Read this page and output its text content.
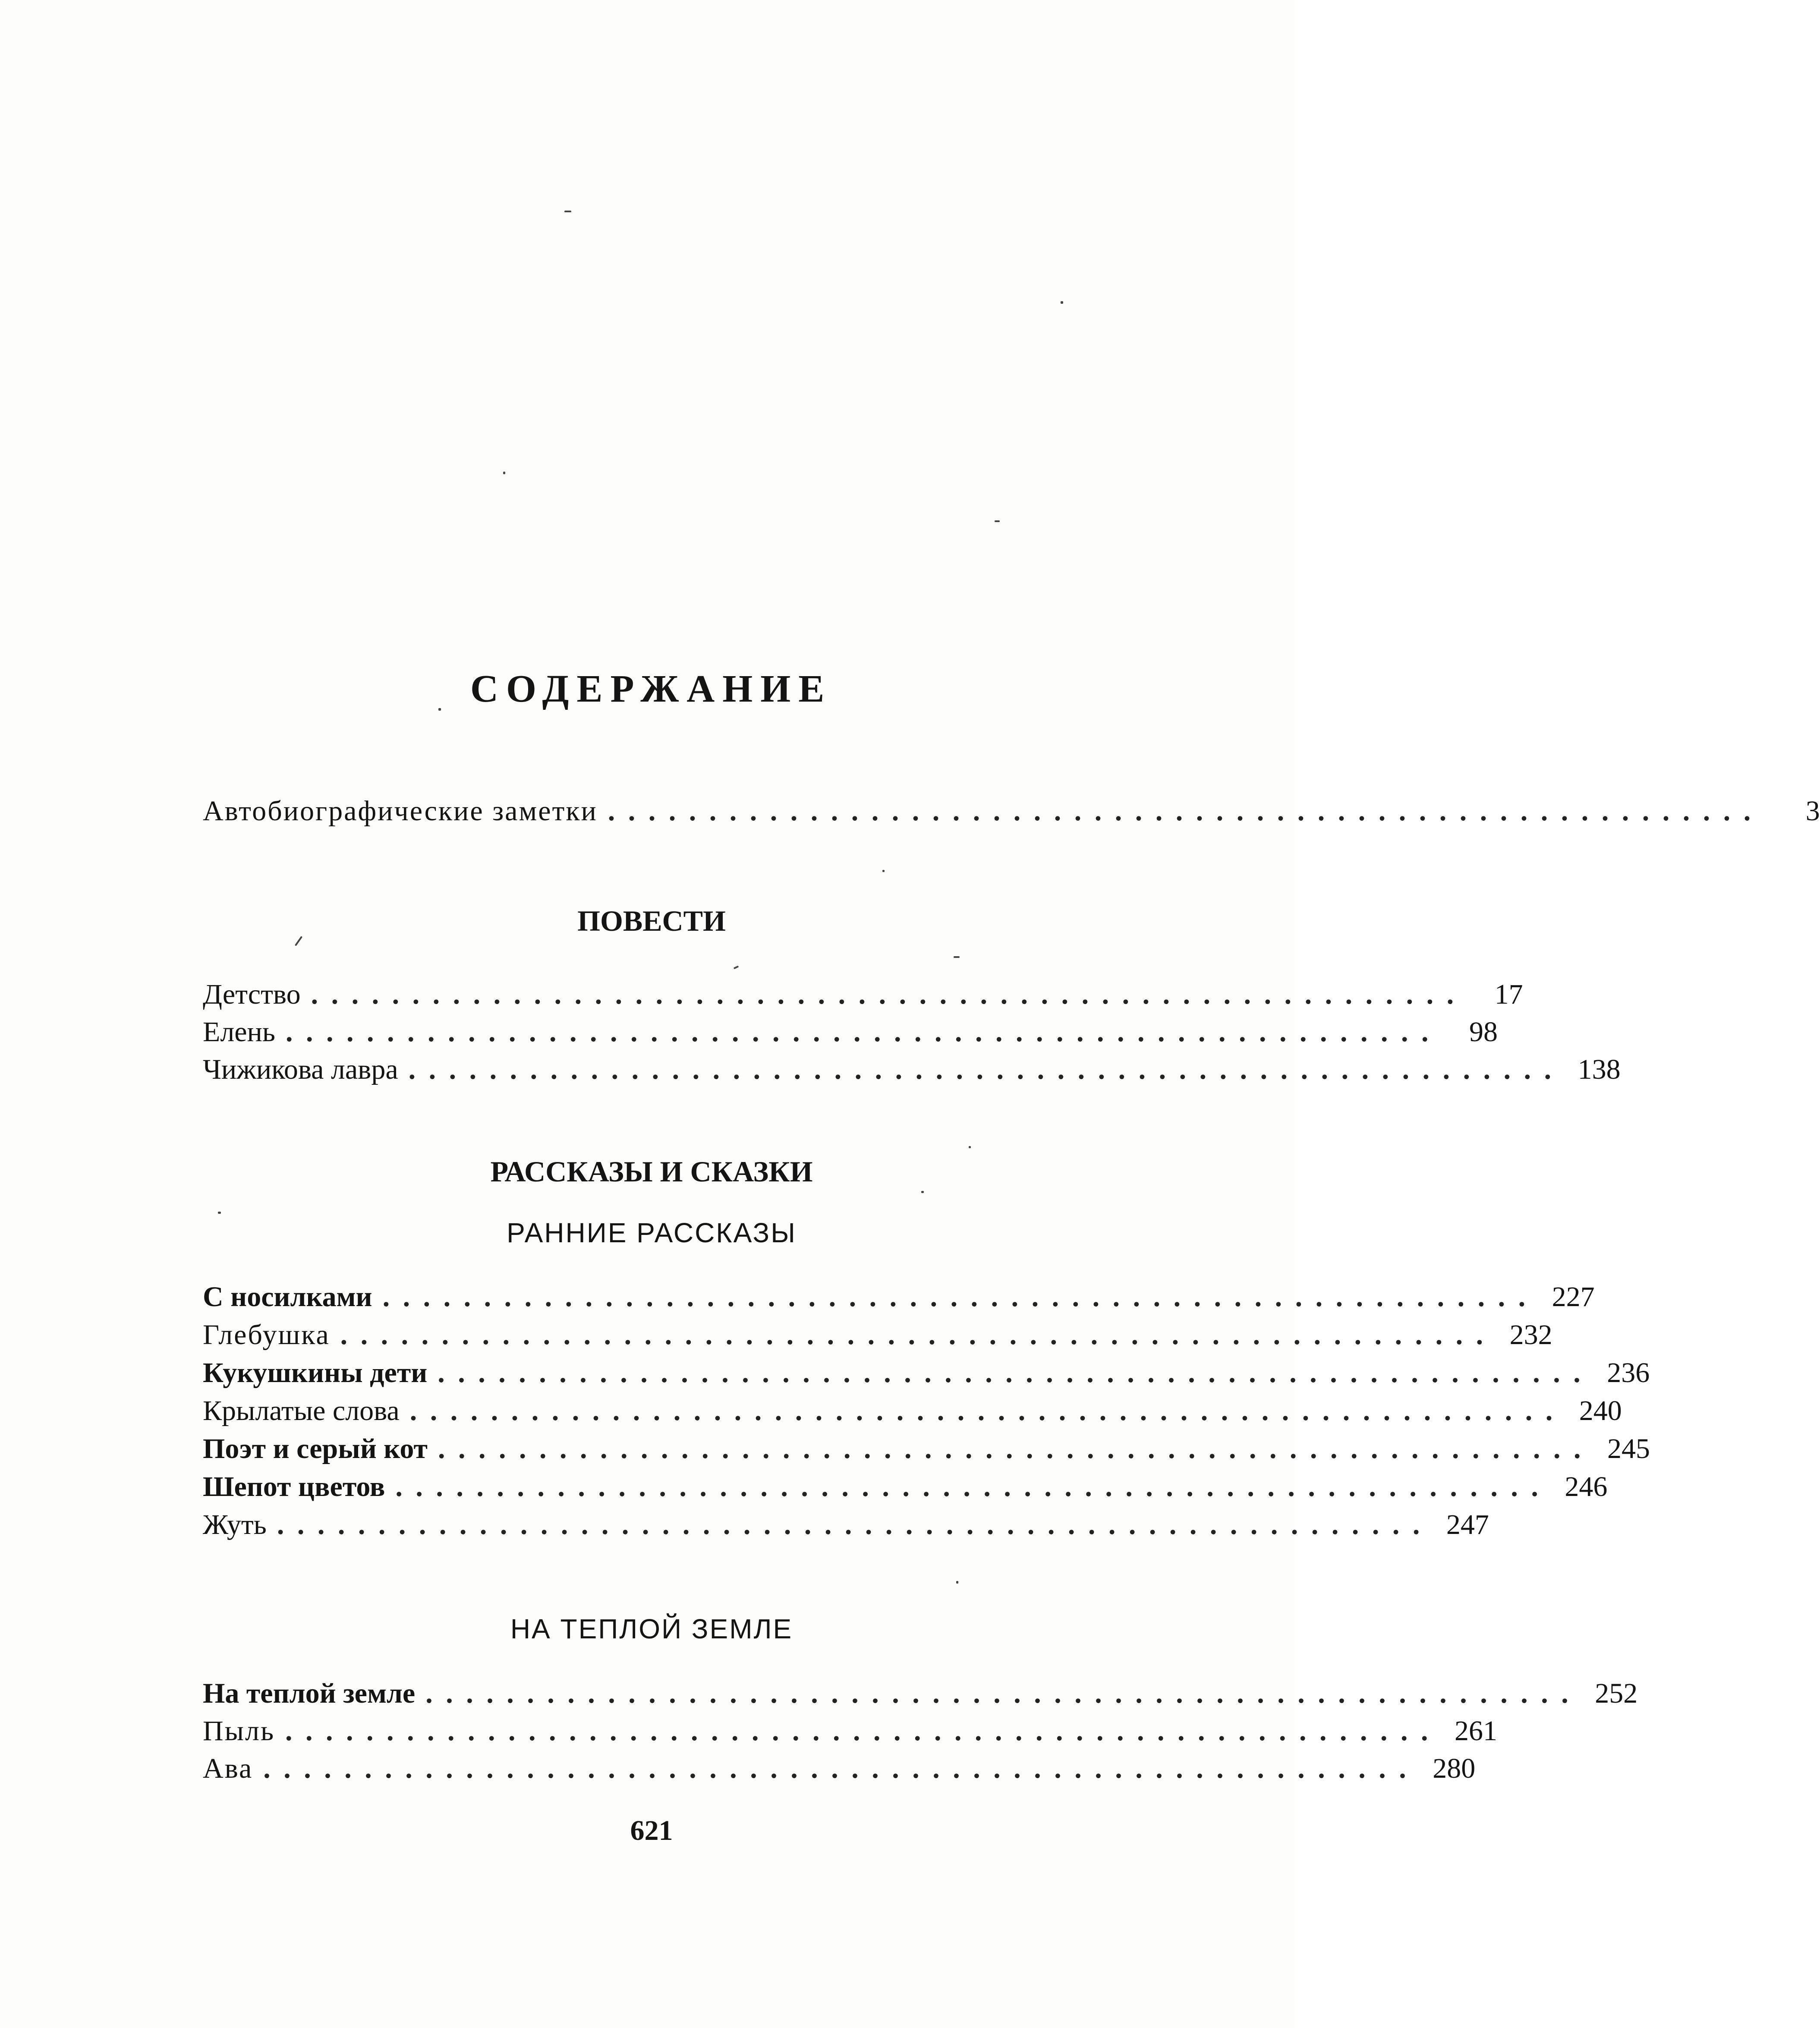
СОДЕРЖАНИЕ
Автобиографические заметки .........................................................	3
ПОВЕСТИ
Детство ......................................................... 17
Елень ......................................................... 98
Чижикова лавра ......................................................... 138
РАССКАЗЫ И СКАЗКИ
РАННИЕ РАССКАЗЫ
С носилками ......................................................... 227
Глебушка ......................................................... 232
Кукушкины дети ......................................................... 236
Крылатые слова ......................................................... 240
Поэт и серый кот ......................................................... 245
Шепот цветов ......................................................... 246
Жуть ......................................................... 247
НА ТЕПЛОЙ ЗЕМЛЕ
На теплой земле ......................................................... 252
Пыль ......................................................... 261
Ава ......................................................... 280
621
